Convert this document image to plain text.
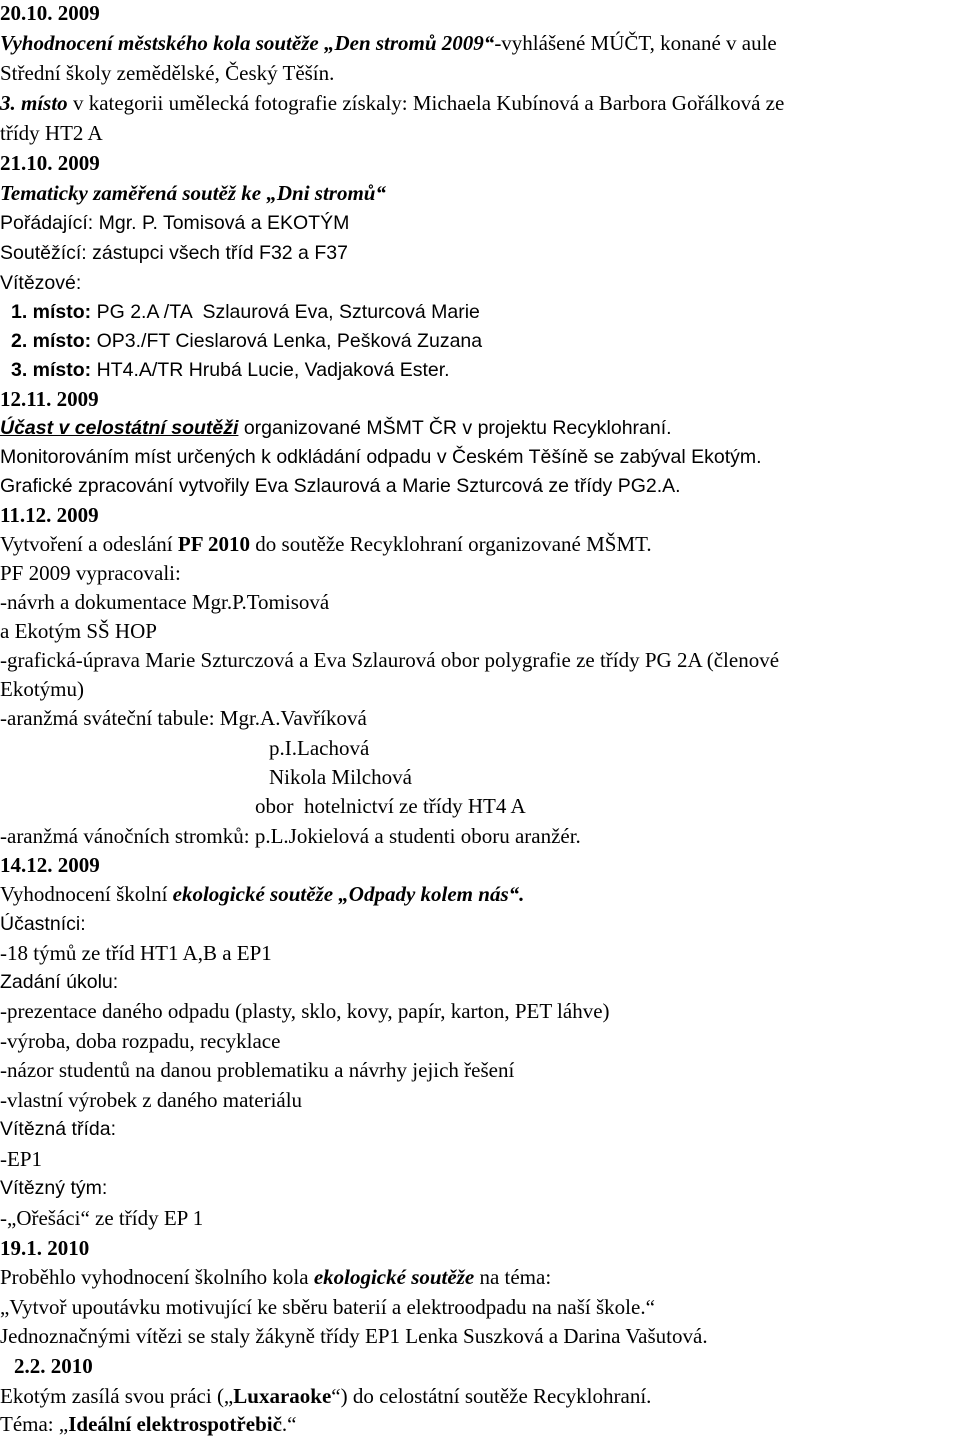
20.10. 2009
Vyhodnocení městského kola soutěže „Den stromů 2009“-vyhlášené MÚČT, konané v aule
Střední školy zemědělské, Český Těšín.
3. místo v kategorii umělecká fotografie získaly: Michaela Kubínová a Barbora Gořálková ze
třídy HT2 A
21.10. 2009
Tematicky zaměřená soutěž ke „Dni stromů“
Pořádající: Mgr. P. Tomisová a EKOTÝM
Soutěžící: zástupci všech tříd F32 a F37
Vítězové:
1. místo: PG 2.A /TA  Szlaurová Eva, Szturcová Marie
2. místo: OP3./FT Cieslarová Lenka, Pešková Zuzana
3. místo: HT4.A/TR Hrubá Lucie, Vadjaková Ester.
12.11. 2009
Účast v celostátní soutěži organizované MŠMT ČR v projektu Recyklohraní.
Monitorováním míst určených k odkládání odpadu v Českém Těšíně se zabýval Ekotým.
Grafické zpracování vytvořily Eva Szlaurová a Marie Szturcová ze třídy PG2.A.
11.12. 2009
Vytvoření a odeslání PF 2010 do soutěže Recyklohraní organizované MŠMT.
PF 2009 vypracovali:
-návrh a dokumentace Mgr.P.Tomisová
a Ekotým SŠ HOP
-grafická-úprava Marie Szturczová a Eva Szlaurová obor polygrafie ze třídy PG 2A (členové
Ekotýmu)
-aranžmá sváteční tabule: Mgr.A.Vavříková
p.I.Lachová
Nikola Milchová
obor  hotelnictví ze třídy HT4 A
-aranžmá vánočních stromků: p.L.Jokielová a studenti oboru aranžér.
14.12. 2009
Vyhodnocení školní ekologické soutěže „Odpady kolem nás“.
Účastníci:
-18 týmů ze tříd HT1 A,B a EP1
Zadání úkolu:
-prezentace daného odpadu (plasty, sklo, kovy, papír, karton, PET láhve)
-výroba, doba rozpadu, recyklace
-názor studentů na danou problematiku a návrhy jejich řešení
-vlastní výrobek z daného materiálu
Vítězná třída:
-EP1
Vítězný tým:
-„Ořešáci“ ze třídy EP 1
19.1. 2010
Proběhlo vyhodnocení školního kola ekologické soutěže na téma:
„Vytvoř upoutávku motivující ke sběru baterií a elektroodpadu na naší škole.“
Jednoznačnými vítězi se staly žákyně třídy EP1 Lenka Suszková a Darina Vašutová.
2.2. 2010
Ekotým zasílá svou práci („Luxaraoke“) do celostátní soutěže Recyklohraní.
Téma: „Ideální elektrospotřebič.“
